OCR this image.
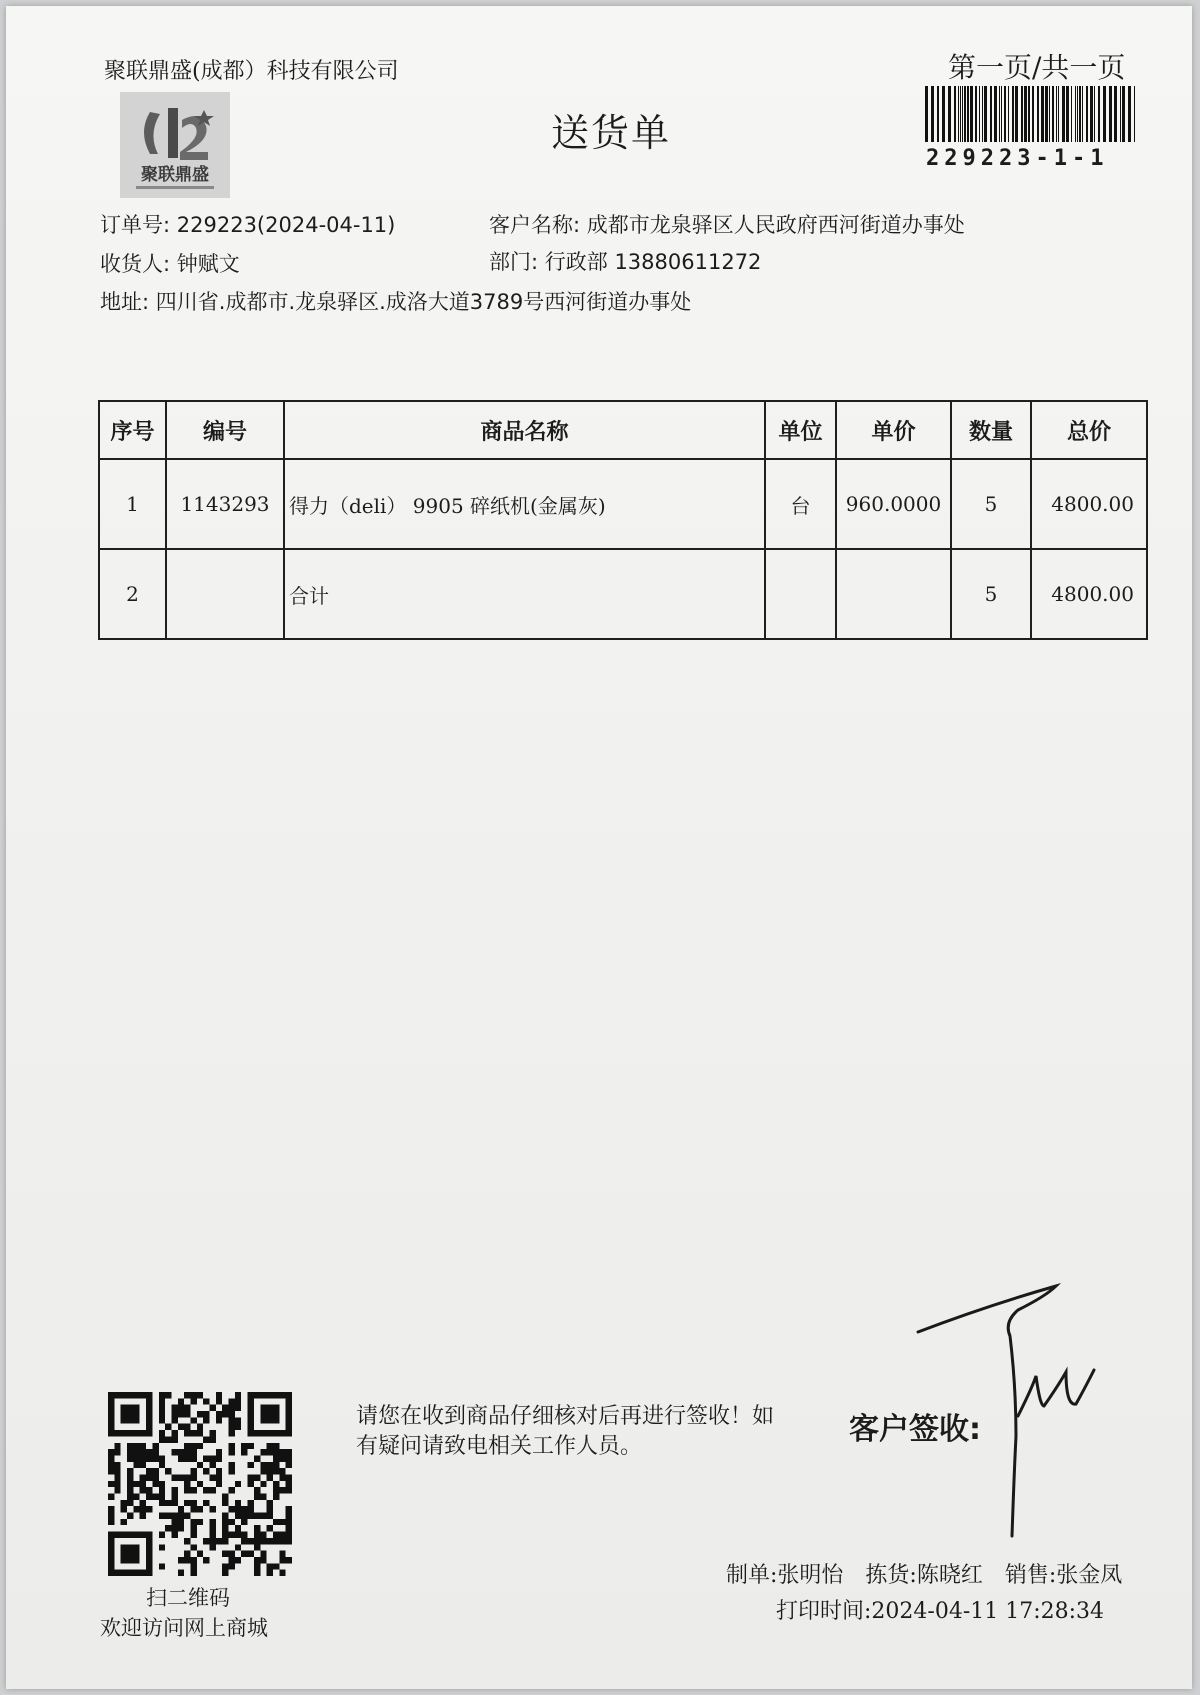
聚联鼎盛(成都）科技有限公司
聚联鼎盛
送货单
第一页/共一页
229223-1-1
订单号: 229223(2024-04-11)	客户名称: 成都市龙泉驿区人民政府西河街道办事处
收货人: 钟赋文	部门: 行政部 13880611272
地址: 四川省.成都市.龙泉驿区.成洛大道3789号西河街道办事处
序号	编号	商品名称	单位	单价	数量	总价
1	1143293	得力（deli） 9905 碎纸机(金属灰)	台	960.0000	5	4800.00
2		合计			5	4800.00
扫二维码
欢迎访问网上商城
请您在收到商品仔细核对后再进行签收！如有疑问请致电相关工作人员。	客户签收:
制单:张明怡　拣货:陈晓红　销售:张金凤
打印时间:2024-04-11 17:28:34
